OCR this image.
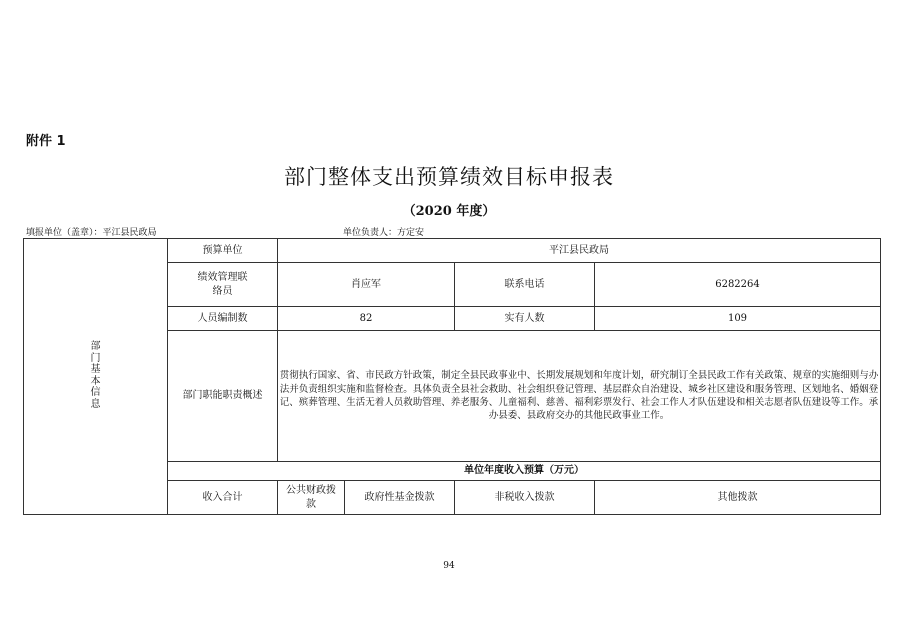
附件 1
部门整体支出预算绩效目标申报表
（2020 年度）
填报单位（盖章）：平江县民政局	单位负责人：方定安
部门基本信息	预算单位	平江县民政局			
	绩效管理联络员	肖应军		联系电话	6282264
	人员编制数	82		实有人数	109
	部门职能职责概述	贯彻执行国家、省、市民政方针政策，制定全县民政事业中、长期发展规划和年度计划，研究制订全县民政工作有关政策、规章的实施细则与办法并负责组织实施和监督检查。具体负责全县社会救助、社会组织登记管理、基层群众自治建设、城乡社区建设和服务管理、区划地名、婚姻登记、殡葬管理、生活无着人员救助管理、养老服务、儿童福利、慈善、福利彩票发行、社会工作人才队伍建设和相关志愿者队伍建设等工作。承办县委、县政府交办的其他民政事业工作。			
	单位年度收入预算（万元）				
	收入合计	公共财政拨款	政府性基金拨款	非税收入拨款	其他拨款
94
